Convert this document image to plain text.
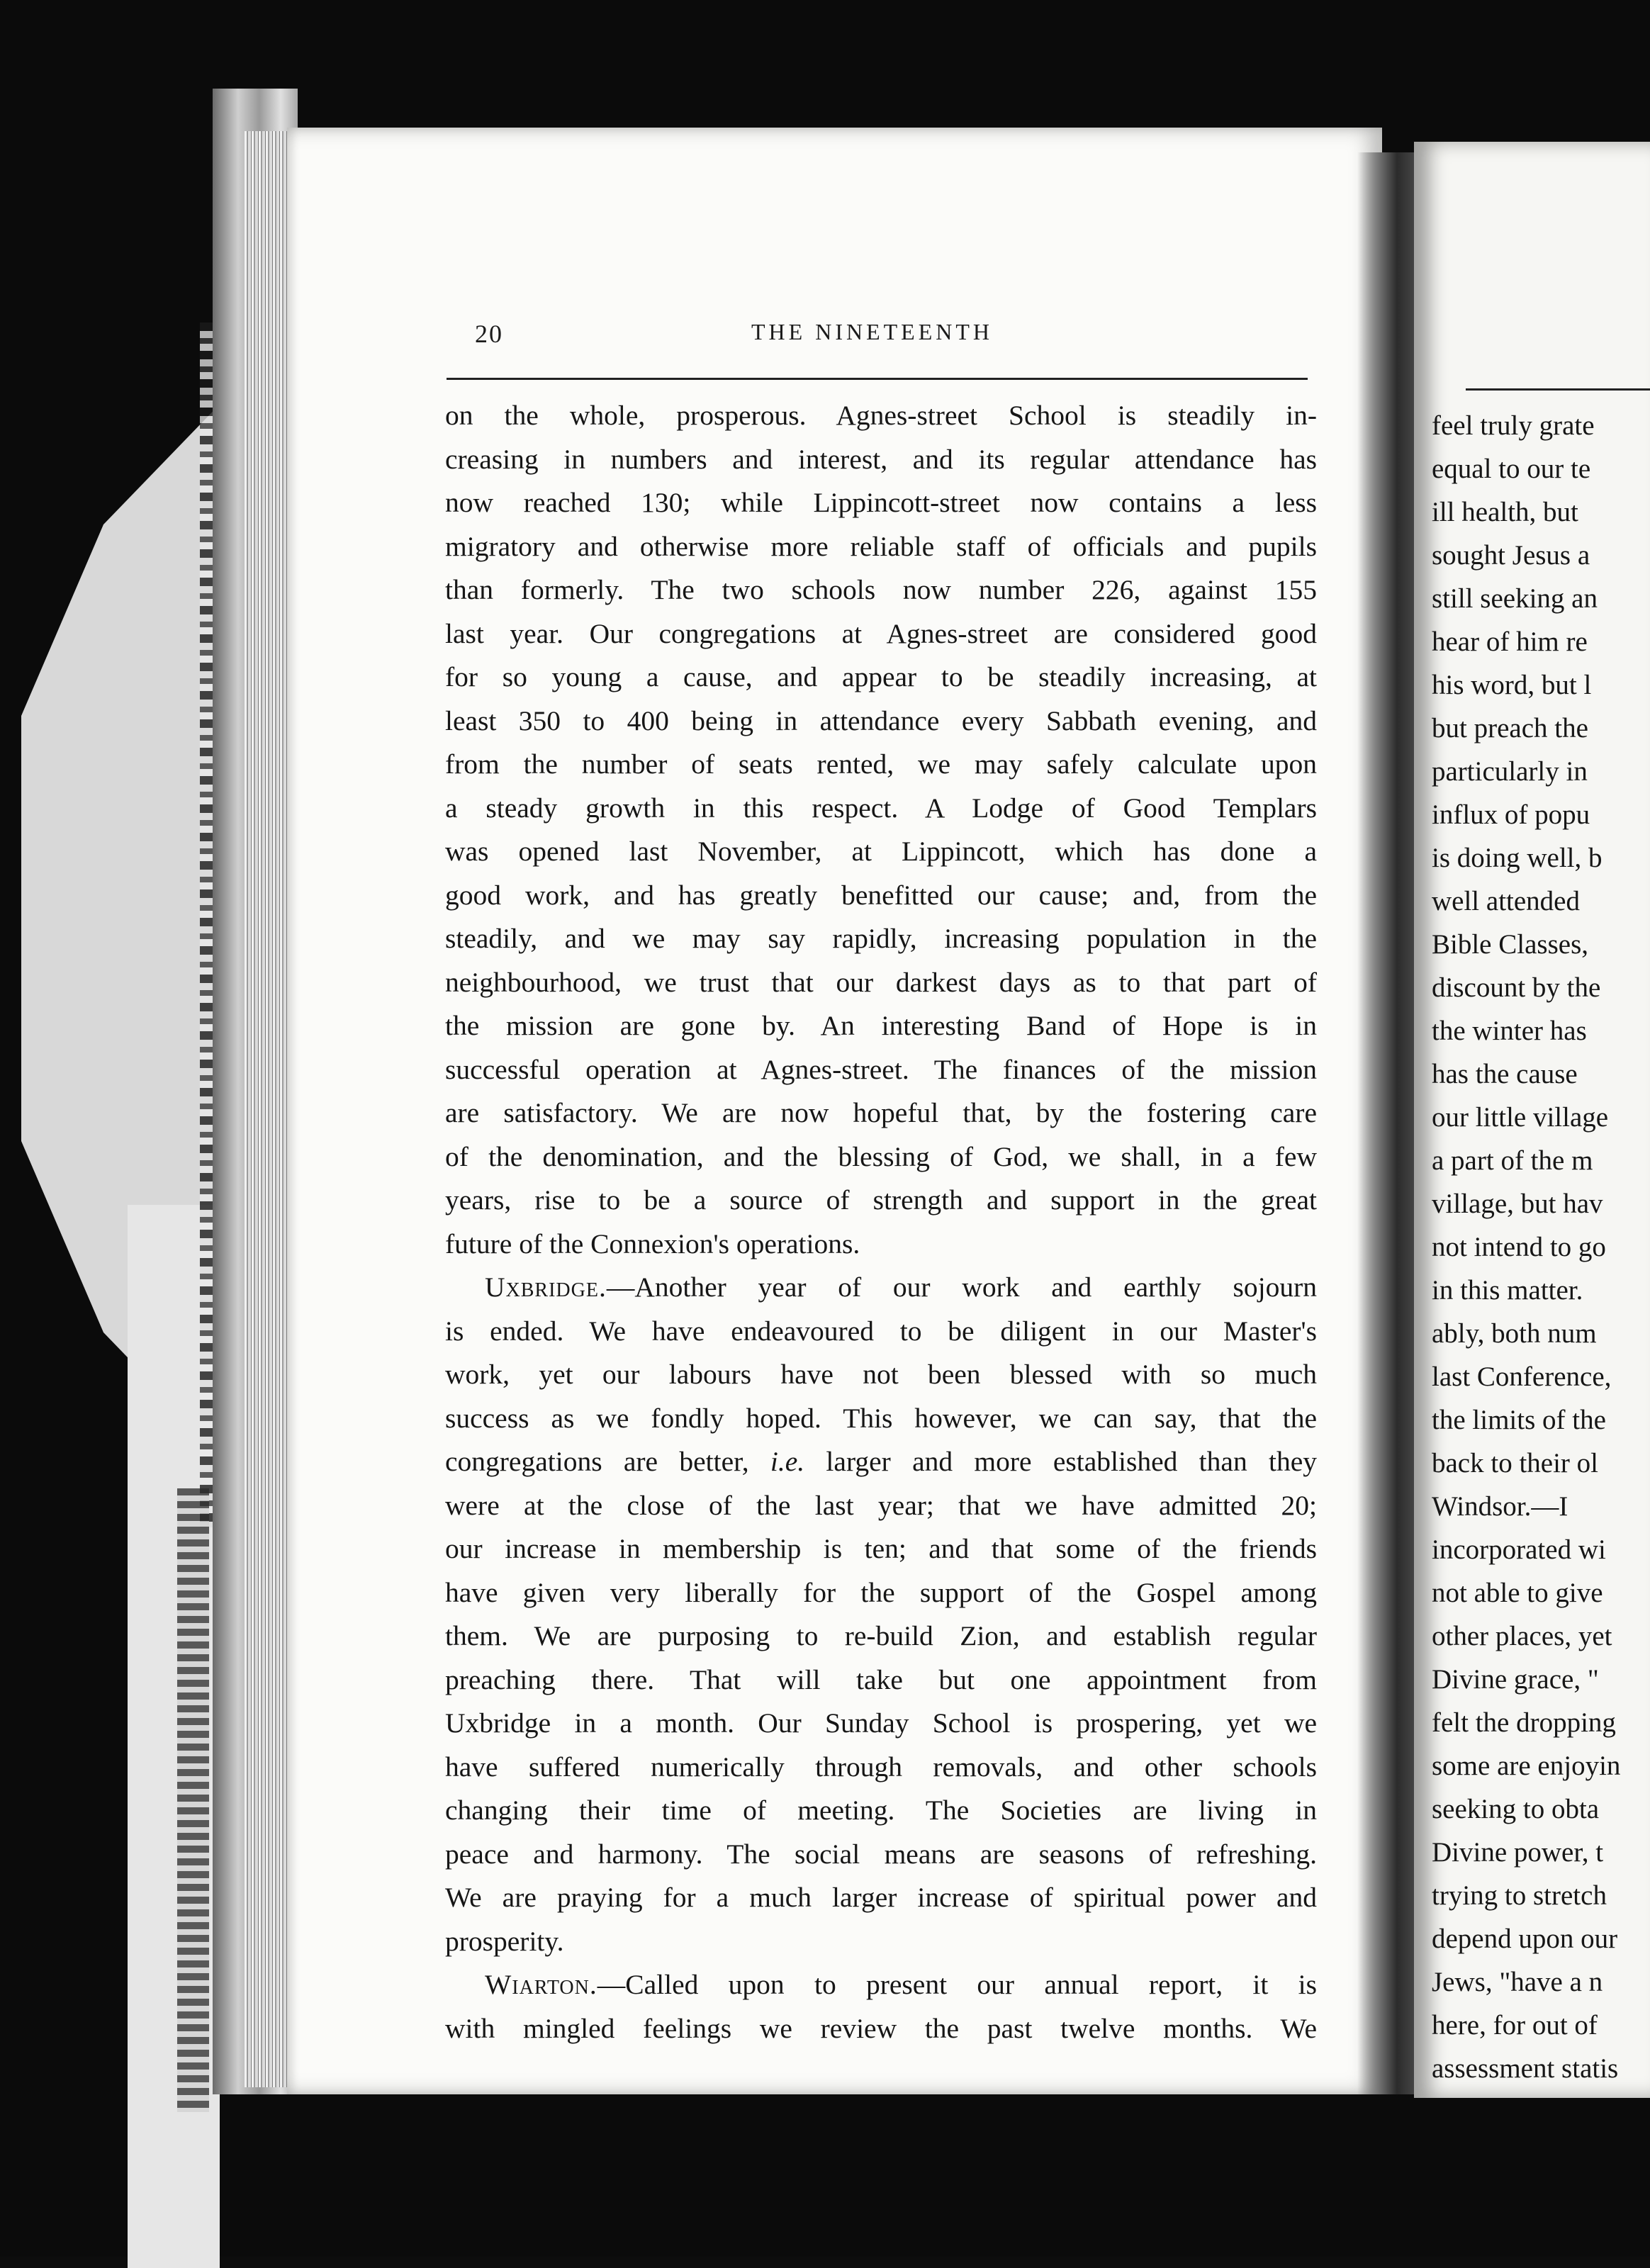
20	THE NINETEENTH
on the whole, prosperous. Agnes-street School is steadily in-
creasing in numbers and interest, and its regular attendance has
now reached 130; while Lippincott-street now contains a less
migratory and otherwise more reliable staff of officials and pupils
than formerly. The two schools now number 226, against 155
last year. Our congregations at Agnes-street are considered good
for so young a cause, and appear to be steadily increasing, at
least 350 to 400 being in attendance every Sabbath evening, and
from the number of seats rented, we may safely calculate upon
a steady growth in this respect. A Lodge of Good Templars
was opened last November, at Lippincott, which has done a
good work, and has greatly benefitted our cause; and, from the
steadily, and we may say rapidly, increasing population in the
neighbourhood, we trust that our darkest days as to that part of
the mission are gone by. An interesting Band of Hope is in
successful operation at Agnes-street. The finances of the mission
are satisfactory. We are now hopeful that, by the fostering care
of the denomination, and the blessing of God, we shall, in a few
years, rise to be a source of strength and support in the great
future of the Connexion's operations.
Uxbridge.—Another year of our work and earthly sojourn
is ended. We have endeavoured to be diligent in our Master's
work, yet our labours have not been blessed with so much
success as we fondly hoped. This however, we can say, that the
congregations are better, i.e. larger and more established than they
were at the close of the last year; that we have admitted 20;
our increase in membership is ten; and that some of the friends
have given very liberally for the support of the Gospel among
them. We are purposing to re-build Zion, and establish regular
preaching there. That will take but one appointment from
Uxbridge in a month. Our Sunday School is prospering, yet we
have suffered numerically through removals, and other schools
changing their time of meeting. The Societies are living in
peace and harmony. The social means are seasons of refreshing.
We are praying for a much larger increase of spiritual power and
prosperity.
Wiarton.—Called upon to present our annual report, it is
with mingled feelings we review the past twelve months. We
feel truly grate
equal to our te
ill health, but
sought Jesus a
still seeking an
hear of him re
his word, but l
but preach the
particularly in
influx of popu
is doing well, b
well attended
Bible Classes,
discount by the
the winter has
has the cause
our little village
a part of the m
village, but hav
not intend to go
in this matter.
ably, both num
last Conference,
the limits of the
back to their ol
Windsor.—I
incorporated wi
not able to give
other places, yet
Divine grace, "
felt the dropping
some are enjoyin
seeking to obta
Divine power, t
trying to stretch
depend upon our
Jews, "have a n
here, for out of
assessment statis
